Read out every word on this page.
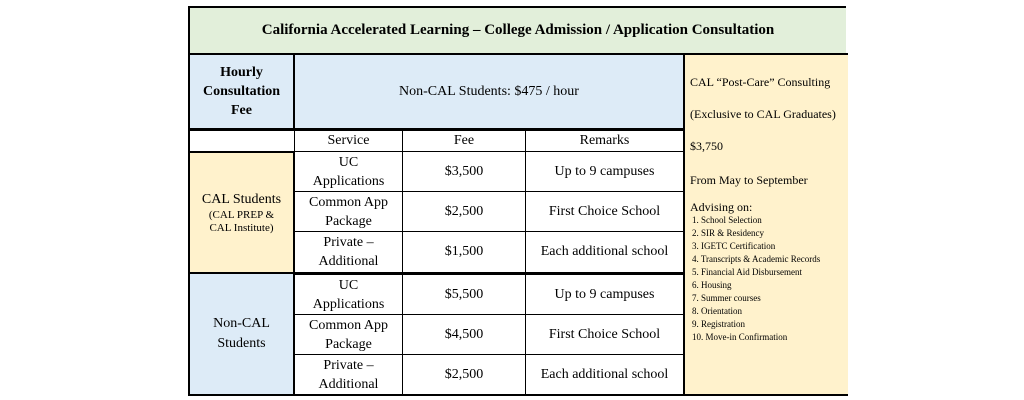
California Accelerated Learning – College Admission / Application Consultation
Hourly
Consultation
Fee
Non-CAL Students: $475 / hour
CAL “Post-Care” Consulting
(Exclusive to CAL Graduates)
$3,750
From May to September
Advising on:
1. School Selection
2. SIR & Residency
3. IGETC Certification
4. Transcripts & Academic Records
5. Financial Aid Disbursement
6. Housing
7. Summer courses
8. Orientation
9. Registration
10. Move-in Confirmation
Service	Fee	Remarks
CAL Students
(CAL PREP &
CAL Institute)
UC
Applications
$3,500	Up to 9 campuses
Common App
Package
$2,500	First Choice School
Private –
Additional
$1,500	Each additional school
Non-CAL
Students
UC
Applications
$5,500	Up to 9 campuses
Common App
Package
$4,500	First Choice School
Private –
Additional
$2,500	Each additional school
